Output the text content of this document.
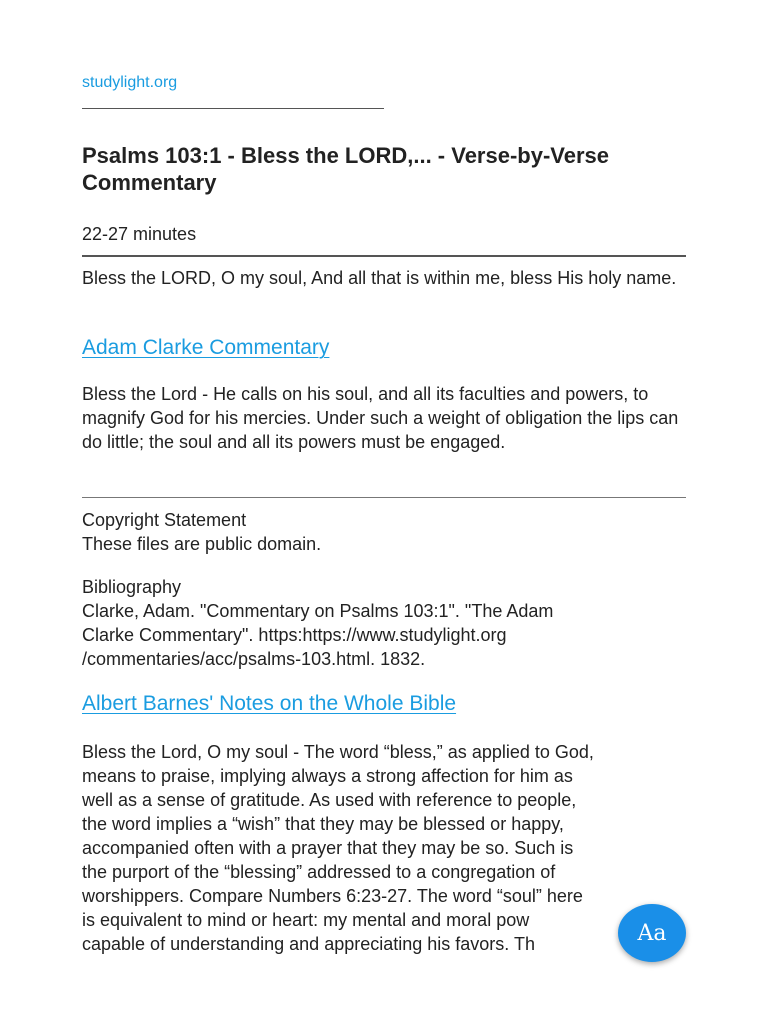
studylight.org
Psalms 103:1 - Bless the LORD,... - Verse-by-Verse Commentary
22-27 minutes
Bless the LORD, O my soul, And all that is within me, bless His holy name.
Adam Clarke Commentary

Bless the Lord - He calls on his soul, and all its faculties and powers, to magnify God for his mercies. Under such a weight of obligation the lips can do little; the soul and all its powers must be engaged.

Copyright Statement
These files are public domain.
Bibliography
Clarke, Adam. "Commentary on Psalms 103:1". "The Adam
Clarke Commentary". https:https://www.studylight.org
/commentaries/acc/psalms-103.html. 1832.
Albert Barnes' Notes on the Whole Bible
Bless the Lord, O my soul - The word “bless,” as applied to God,
means to praise, implying always a strong affection for him as
well as a sense of gratitude. As used with reference to people,
the word implies a “wish” that they may be blessed or happy,
accompanied often with a prayer that they may be so. Such is
the purport of the “blessing” addressed to a congregation of
worshippers. Compare Numbers 6:23-27. The word “soul” here
is equivalent to mind or heart: my mental and moral pow
capable of understanding and appreciating his favors. Th	Aa
